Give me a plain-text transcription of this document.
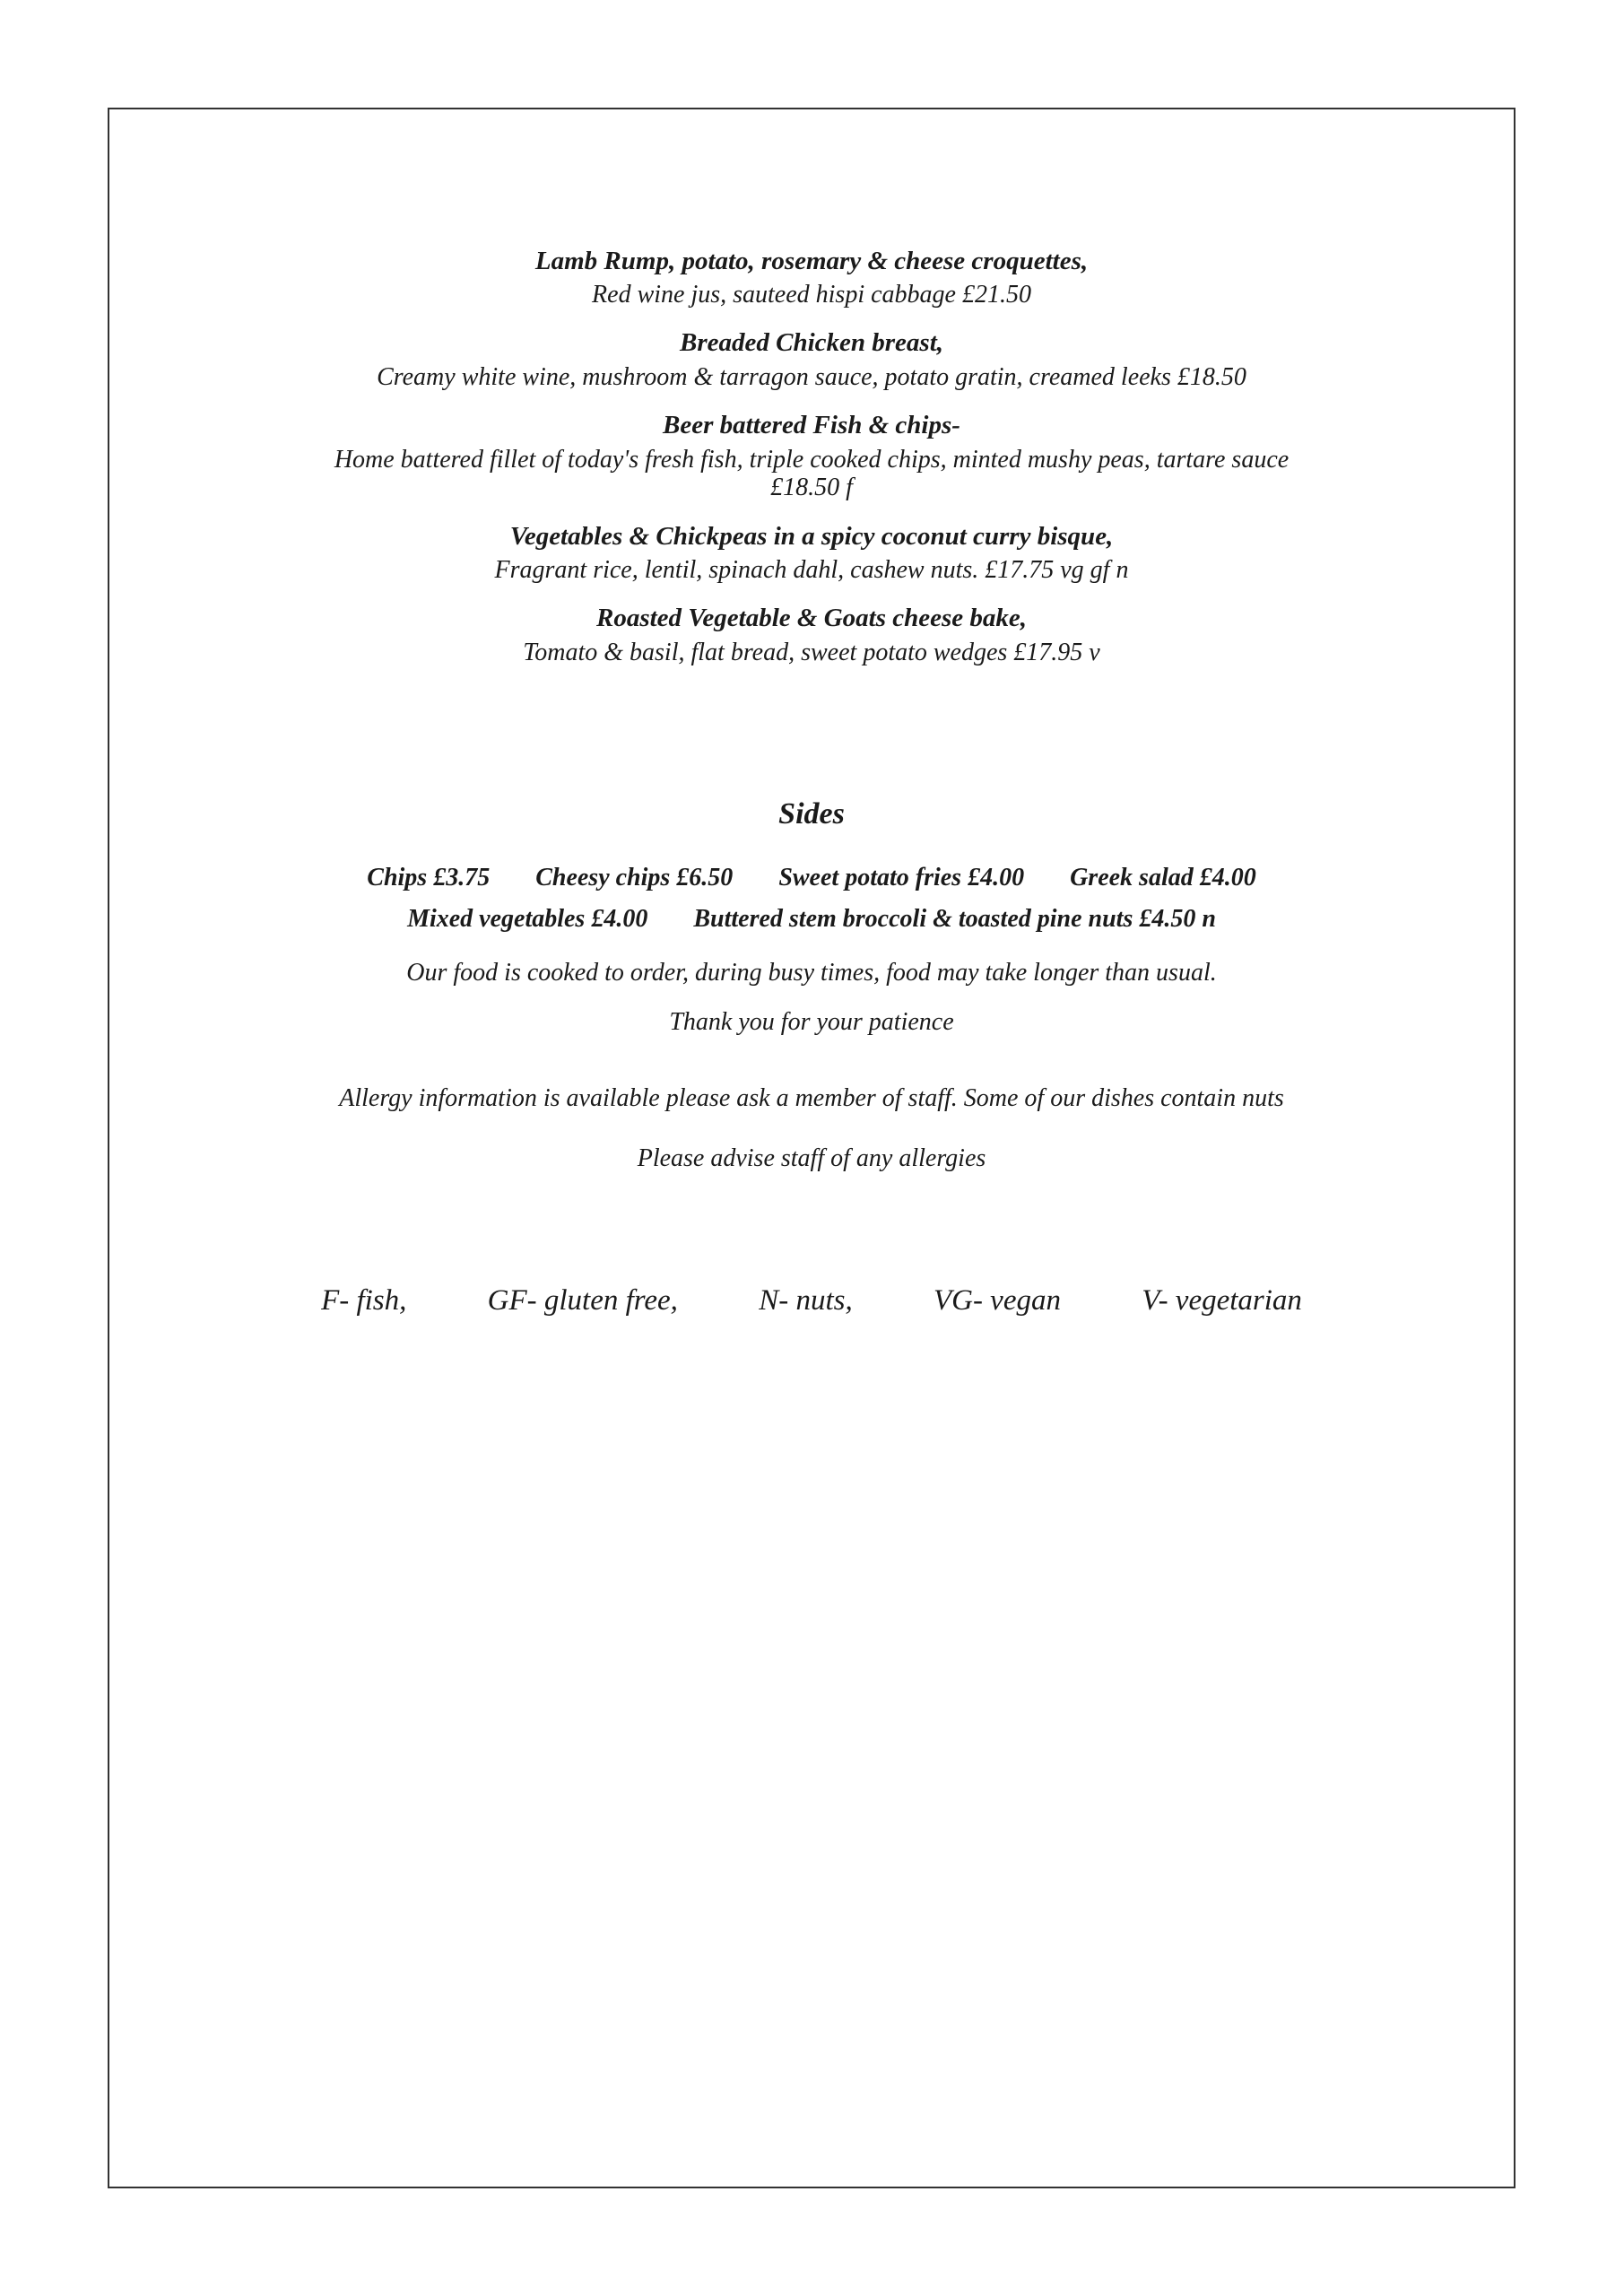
Lamb Rump, potato, rosemary & cheese croquettes,
Red wine jus, sauteed hispi cabbage £21.50
Breaded Chicken breast,
Creamy white wine, mushroom & tarragon sauce, potato gratin, creamed leeks £18.50
Beer battered Fish & chips-
Home battered fillet of today's fresh fish, triple cooked chips, minted mushy peas, tartare sauce
£18.50 f
Vegetables & Chickpeas in a spicy coconut curry bisque,
Fragrant rice, lentil, spinach dahl, cashew nuts. £17.75 vg gf n
Roasted Vegetable & Goats cheese bake,
Tomato & basil, flat bread, sweet potato wedges £17.95 v
Sides
Chips £3.75 Cheesy chips £6.50 Sweet potato fries £4.00 Greek salad £4.00
Mixed vegetables £4.00 Buttered stem broccoli & toasted pine nuts £4.50 n
Our food is cooked to order, during busy times, food may take longer than usual.
Thank you for your patience
Allergy information is available please ask a member of staff. Some of our dishes contain nuts
Please advise staff of any allergies
F- fish,	GF- gluten free,	N- nuts,	VG- vegan	V- vegetarian
